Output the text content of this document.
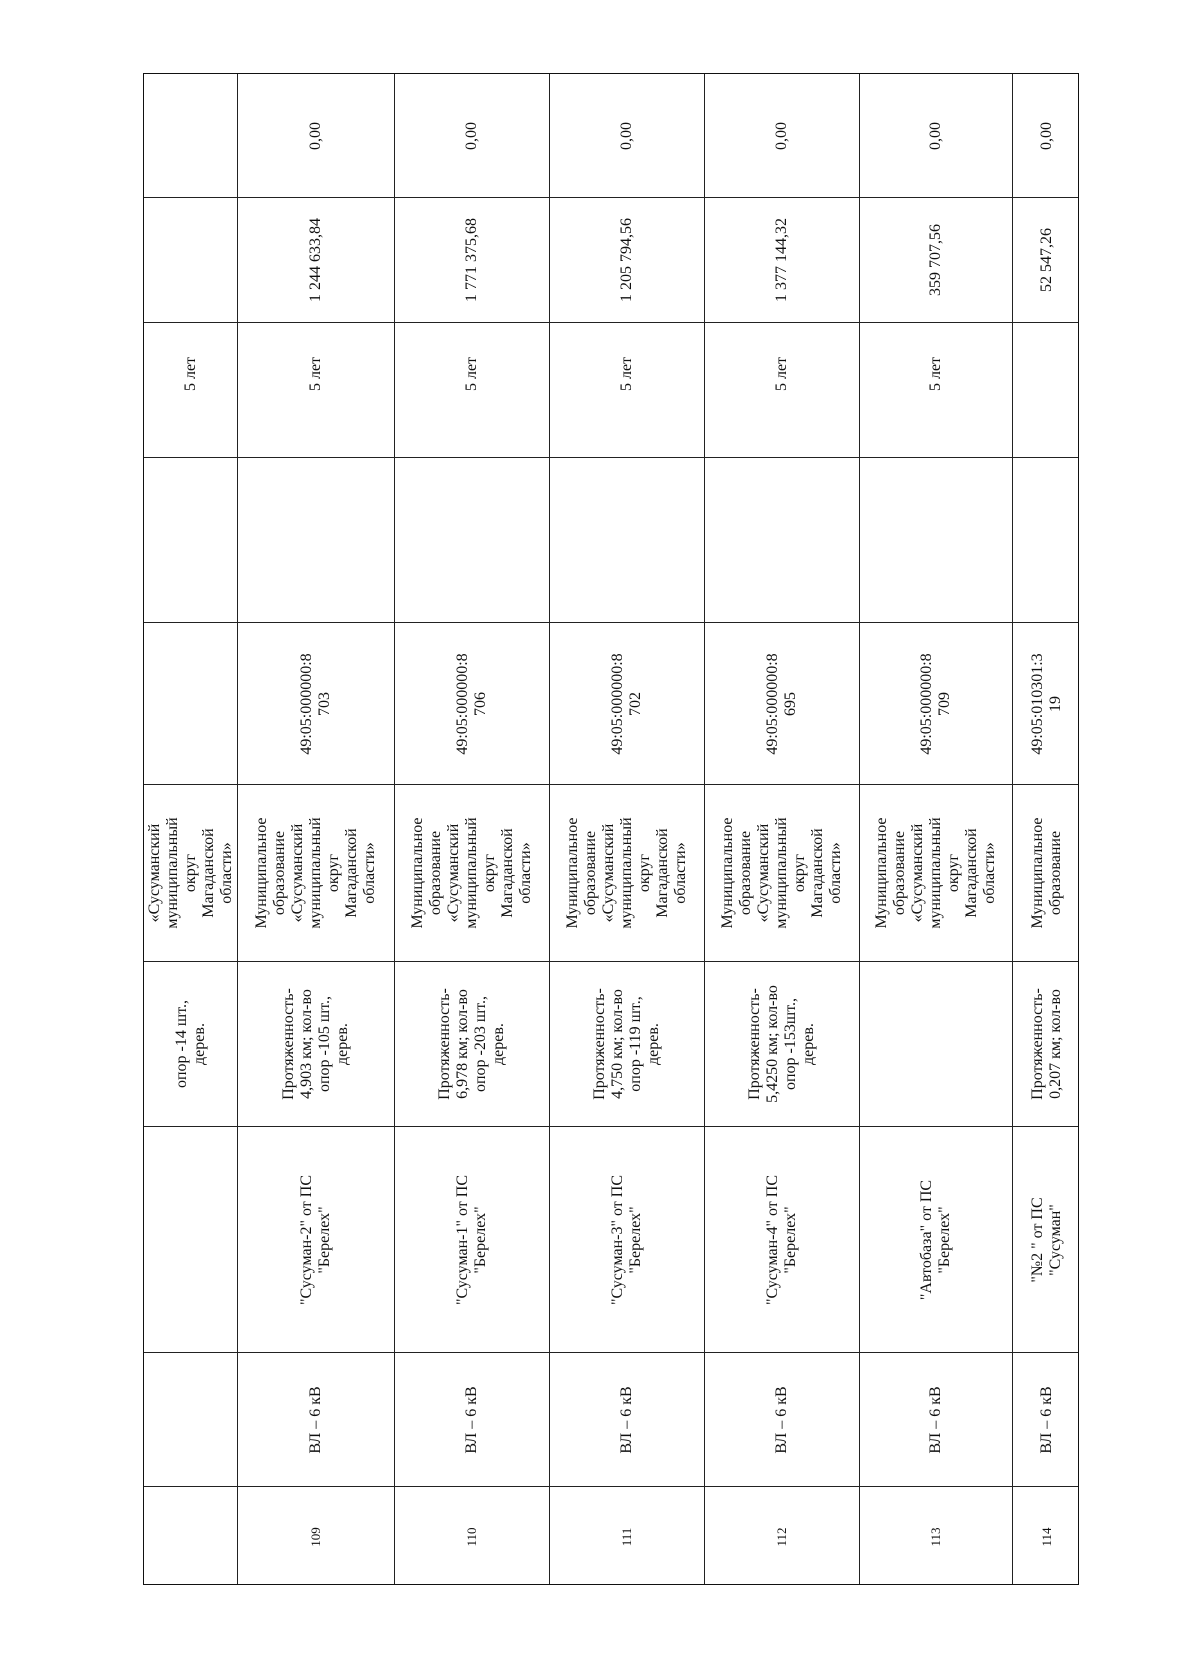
5 лет
«Сусуманский муниципальный округ Магаданской области»
опор -14 шт., дерев.
0,00
1 244 633,84
5 лет
49:05:000000:8 703
Муниципальное образование «Сусуманский муниципальный округ Магаданской области»
Протяженность- 4,903 км; кол-во опор -105 шт., дерев.
"Сусуман-2" от ПС "Берелех"
ВЛ – 6 кВ
109
0,00
1 771 375,68
5 лет
49:05:000000:8 706
Муниципальное образование «Сусуманский муниципальный округ Магаданской области»
Протяженность- 6,978 км; кол-во опор -203 шт., дерев.
"Сусуман-1" от ПС "Берелех"
ВЛ – 6 кВ
110
0,00
1 205 794,56
5 лет
49:05:000000:8 702
Муниципальное образование «Сусуманский муниципальный округ Магаданской области»
Протяженность- 4,750 км; кол-во опор -119 шт., дерев.
"Сусуман-3" от ПС "Берелех"
ВЛ – 6 кВ
111
0,00
1 377 144,32
5 лет
49:05:000000:8 695
Муниципальное образование «Сусуманский муниципальный округ Магаданской области»
Протяженность- 5,4250 км; кол-во опор -153шт., дерев.
"Сусуман-4" от ПС "Берелех"
ВЛ – 6 кВ
112
0,00
359 707,56
5 лет
49:05:000000:8 709
Муниципальное образование «Сусуманский муниципальный округ Магаданской области»
"Автобаза" от ПС "Берелех"
ВЛ – 6 кВ
113
0,00
52 547,26
49:05:010301:3 19
Муниципальное образование
Протяженность- 0,207 км; кол-во
"№2 " от ПС "Сусуман"
ВЛ – 6 кВ
114
